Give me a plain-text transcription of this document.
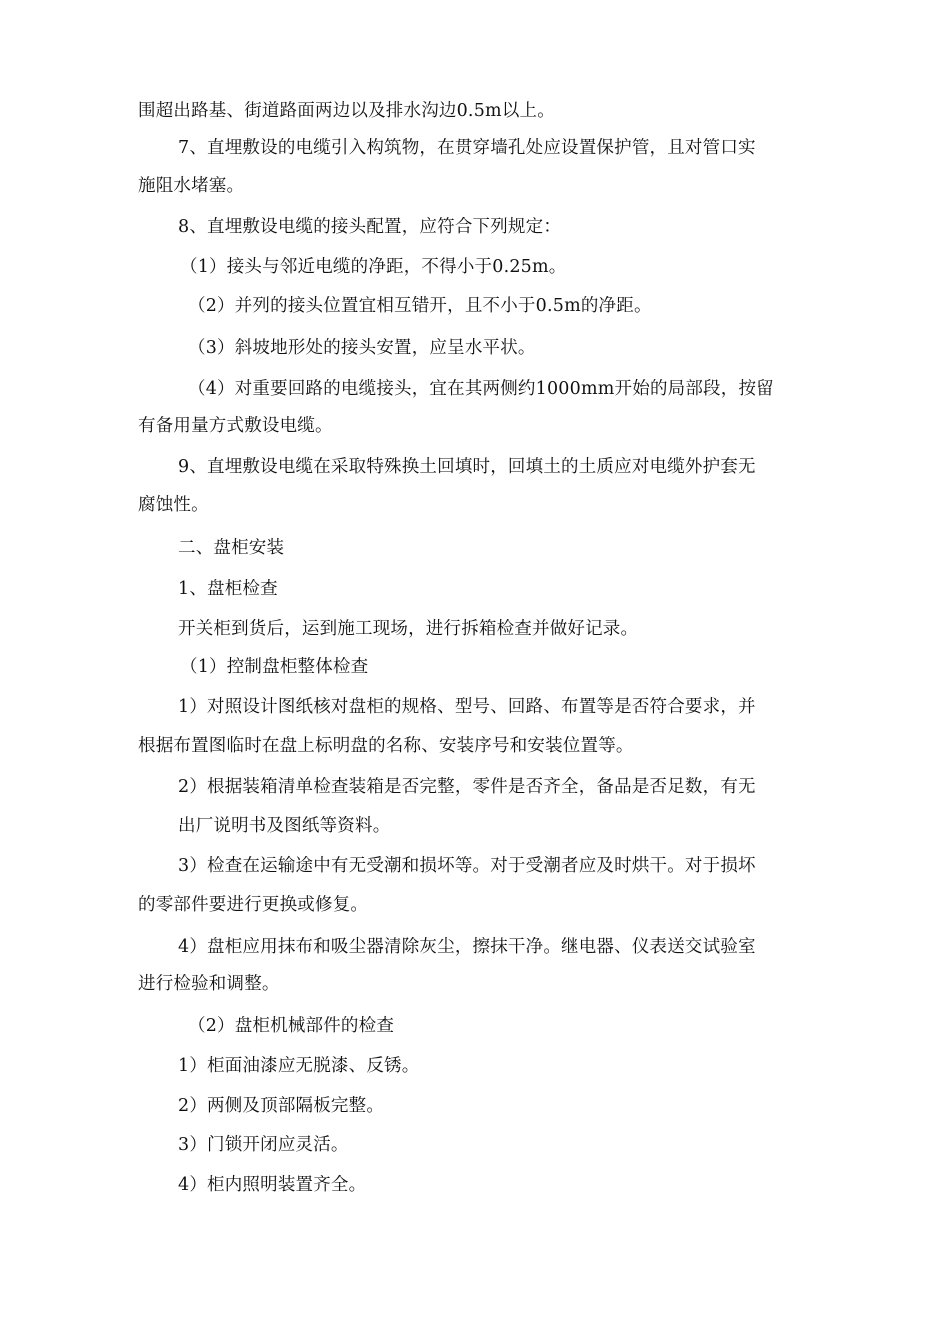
围超出路基、街道路面两边以及排水沟边0.5m以上。
7、直埋敷设的电缆引入构筑物，在贯穿墙孔处应设置保护管，且对管口实
施阻水堵塞。
8、直埋敷设电缆的接头配置，应符合下列规定：
（1）接头与邻近电缆的净距，不得小于0.25m。
（2）并列的接头位置宜相互错开，且不小于0.5m的净距。
（3）斜坡地形处的接头安置，应呈水平状。
（4）对重要回路的电缆接头，宜在其两侧约1000mm开始的局部段，按留
有备用量方式敷设电缆。
9、直埋敷设电缆在采取特殊换土回填时，回填土的土质应对电缆外护套无
腐蚀性。
二、盘柜安装
1、盘柜检查
开关柜到货后，运到施工现场，进行拆箱检查并做好记录。
（1）控制盘柜整体检查
1）对照设计图纸核对盘柜的规格、型号、回路、布置等是否符合要求，并
根据布置图临时在盘上标明盘的名称、安装序号和安装位置等。
2）根据装箱清单检查装箱是否完整，零件是否齐全，备品是否足数，有无
出厂说明书及图纸等资料。
3）检查在运输途中有无受潮和损坏等。对于受潮者应及时烘干。对于损坏
的零部件要进行更换或修复。
4）盘柜应用抹布和吸尘器清除灰尘，擦抹干净。继电器、仪表送交试验室
进行检验和调整。
（2）盘柜机械部件的检查
1）柜面油漆应无脱漆、反锈。
2）两侧及顶部隔板完整。
3）门锁开闭应灵活。
4）柜内照明装置齐全。
